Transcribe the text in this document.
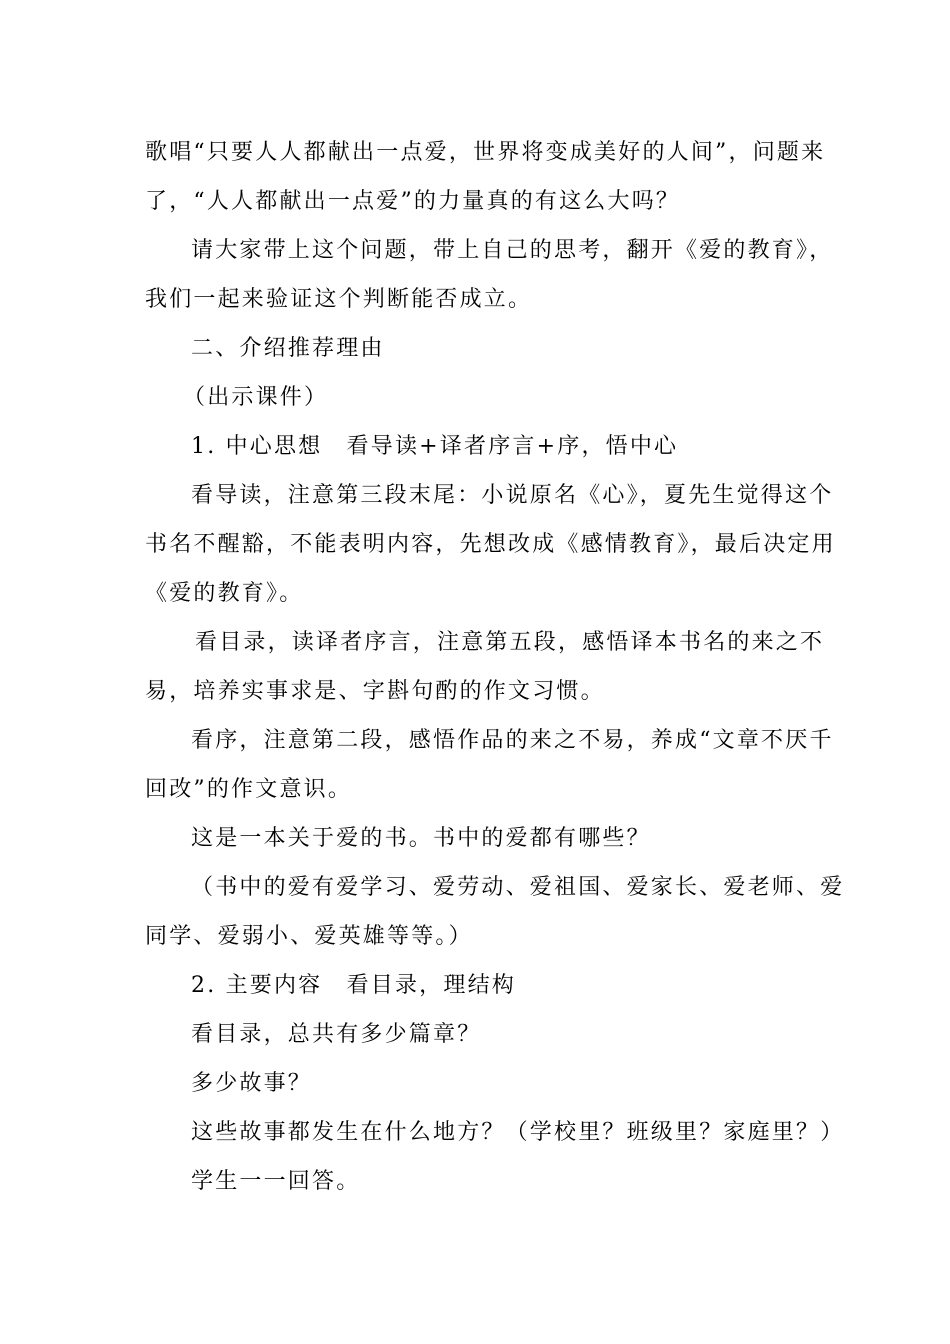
歌唱“只要人人都献出一点爱，世界将变成美好的人间”，问题来
了，“人人都献出一点爱”的力量真的有这么大吗？

请大家带上这个问题，带上自己的思考，翻开《爱的教育》，
我们一起来验证这个判断能否成立。

二、介绍推荐理由

（出示课件）

1. 中心思想　看导读+译者序言+序，悟中心

看导读，注意第三段末尾：小说原名《心》，夏先生觉得这个
书名不醒豁，不能表明内容，先想改成《感情教育》，最后决定用
《爱的教育》。

看目录，读译者序言，注意第五段，感悟译本书名的来之不
易，培养实事求是、字斟句酌的作文习惯。

看序，注意第二段，感悟作品的来之不易，养成“文章不厌千
回改”的作文意识。

这是一本关于爱的书。书中的爱都有哪些？

（书中的爱有爱学习、爱劳动、爱祖国、爱家长、爱老师、爱
同学、爱弱小、爱英雄等等。）

2. 主要内容　看目录，理结构

看目录，总共有多少篇章？

多少故事？

这些故事都发生在什么地方？（学校里？班级里？家庭里？）

学生一一回答。
